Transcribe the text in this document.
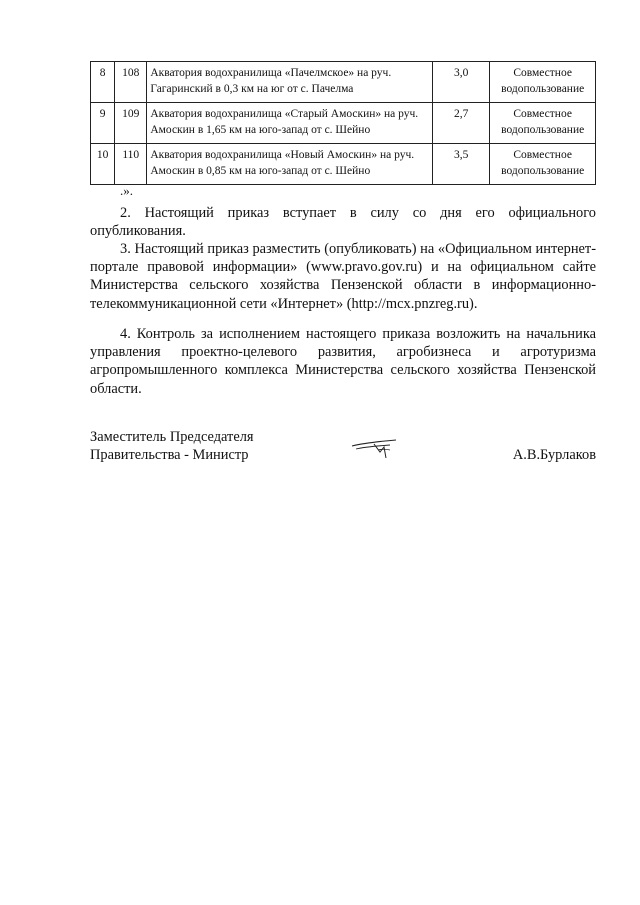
8	108	Акватория водохранилища «Пачелмское» на руч. Гагаринский в 0,3 км на юг от с. Пачелма	3,0	Совместное водопользование
9	109	Акватория водохранилища «Старый Амоскин» на руч. Амоскин в 1,65 км на юго-запад от с. Шейно	2,7	Совместное водопользование
10	110	Акватория водохранилища «Новый Амоскин» на руч. Амоскин в 0,85 км на юго-запад от с. Шейно	3,5	Совместное водопользование
.».

2. Настоящий приказ вступает в силу со дня его официального опубликования.

3. Настоящий приказ разместить (опубликовать) на «Официальном интернет-портале правовой информации» (www.pravo.gov.ru) и на официальном сайте Министерства сельского хозяйства Пензенской области в информационно-телекоммуникационной сети «Интернет» (http://mcx.pnzreg.ru).

4. Контроль за исполнением настоящего приказа возложить на начальника управления проектно-целевого развития, агробизнеса и агротуризма агропромышленного комплекса Министерства сельского хозяйства Пензенской области.

Заместитель Председателя
Правительства - Министр	А.В.Бурлаков
